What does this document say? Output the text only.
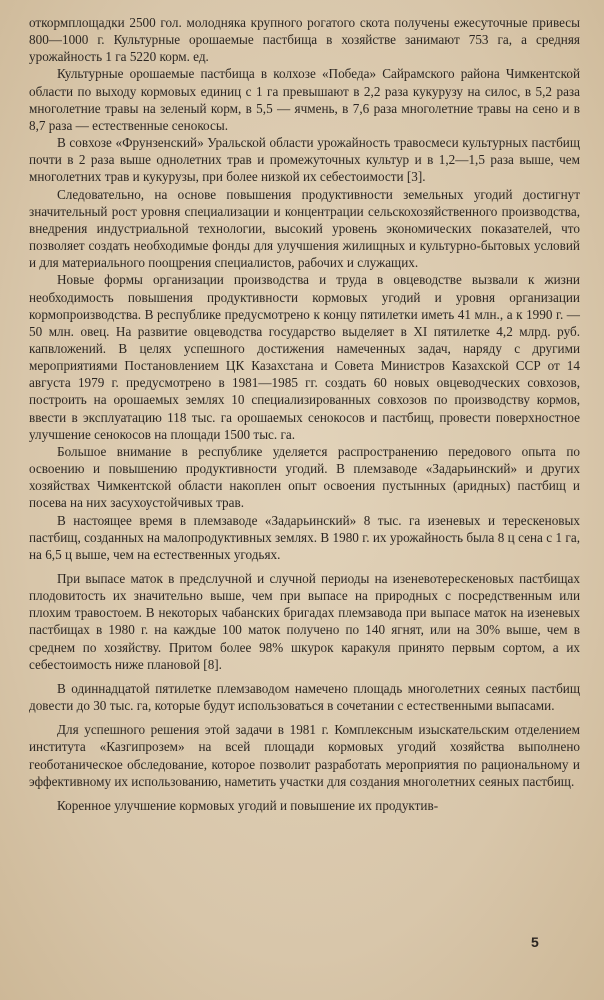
откормплощадки 2500 гол. молодняка крупного рогатого скота получены ежесуточные привесы 800—1000 г. Культурные орошаемые пастбища в хозяйстве занимают 753 га, а средняя урожайность 1 га 5220 корм. ед.

Культурные орошаемые пастбища в колхозе «Победа» Сайрамского района Чимкентской области по выходу кормовых единиц с 1 га превышают в 2,2 раза кукурузу на силос, в 5,2 раза многолетние травы на зеленый корм, в 5,5 — ячмень, в 7,6 раза многолетние травы на сено и в 8,7 раза — естественные сенокосы.

В совхозе «Фрунзенский» Уральской области урожайность травосмеси культурных пастбищ почти в 2 раза выше однолетних трав и промежуточных культур и в 1,2—1,5 раза выше, чем многолетних трав и кукурузы, при более низкой их себестоимости [3].

Следовательно, на основе повышения продуктивности земельных угодий достигнут значительный рост уровня специализации и концентрации сельскохозяйственного производства, внедрения индустриальной технологии, высокий уровень экономических показателей, что позволяет создать необходимые фонды для улучшения жилищных и культурно-бытовых условий и для материального поощрения специалистов, рабочих и служащих.

Новые формы организации производства и труда в овцеводстве вызвали к жизни необходимость повышения продуктивности кормовых угодий и уровня организации кормопроизводства. В республике предусмотрено к концу пятилетки иметь 41 млн., а к 1990 г. — 50 млн. овец. На развитие овцеводства государство выделяет в XI пятилетке 4,2 млрд. руб. капвложений. В целях успешного достижения намеченных задач, наряду с другими мероприятиями Постановлением ЦК Казахстана и Совета Министров Казахской ССР от 14 августа 1979 г. предусмотрено в 1981—1985 гг. создать 60 новых овцеводческих совхозов, построить на орошаемых землях 10 специализированных совхозов по производству кормов, ввести в эксплуатацию 118 тыс. га орошаемых сенокосов и пастбищ, провести поверхностное улучшение сенокосов на площади 1500 тыс. га.

Большое внимание в республике уделяется распространению передового опыта по освоению и повышению продуктивности угодий. В племзаводе «Задарьинский» и других хозяйствах Чимкентской области накоплен опыт освоения пустынных (аридных) пастбищ и посева на них засухоустойчивых трав.

В настоящее время в племзаводе «Задарьинский» 8 тыс. га изеневых и терескеновых пастбищ, созданных на малопродуктивных землях. В 1980 г. их урожайность была 8 ц сена с 1 га, на 6,5 ц выше, чем на естественных угодьях.

При выпасе маток в предслучной и случной периоды на изеневотерескеновых пастбищах плодовитость их значительно выше, чем при выпасе на природных с посредственным или плохим травостоем. В некоторых чабанских бригадах племзавода при выпасе маток на изеневых пастбищах в 1980 г. на каждые 100 маток получено по 140 ягнят, или на 30% выше, чем в среднем по хозяйству. Притом более 98% шкурок каракуля принято первым сортом, а их себестоимость ниже плановой [8].

В одиннадцатой пятилетке племзаводом намечено площадь многолетних сеяных пастбищ довести до 30 тыс. га, которые будут использоваться в сочетании с естественными выпасами.

Для успешного решения этой задачи в 1981 г. Комплексным изыскательским отделением института «Казгипрозем» на всей площади кормовых угодий хозяйства выполнено геоботаническое обследование, которое позволит разработать мероприятия по рациональному и эффективному их использованию, наметить участки для создания многолетних сеяных пастбищ.

Коренное улучшение кормовых угодий и повышение их продуктив-

5
